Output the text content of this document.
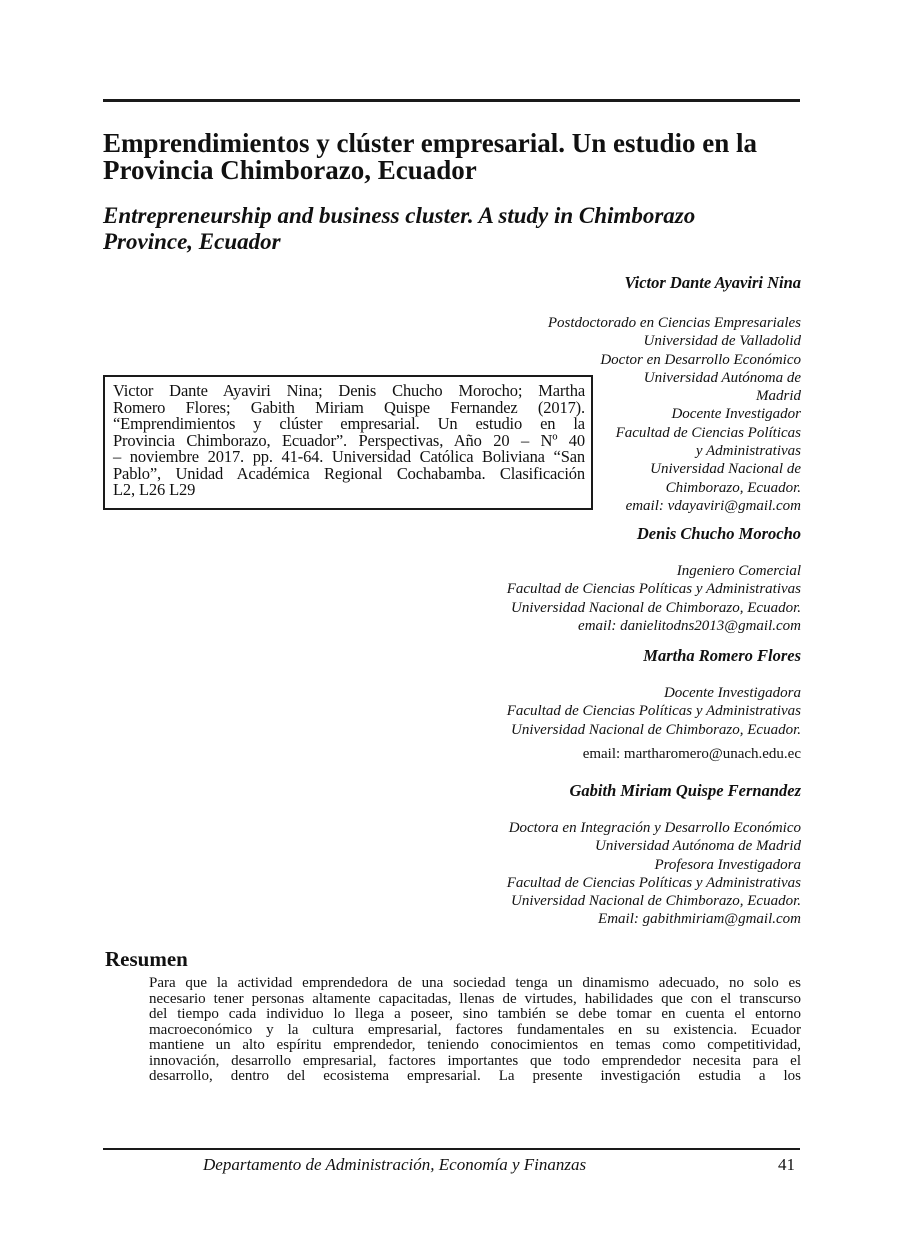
Emprendimientos y clúster empresarial. Un estudio en la Provincia Chimborazo, Ecuador
Entrepreneurship and business cluster. A study in Chimborazo
Province, Ecuador
Victor Dante Ayaviri Nina; Denis Chucho Morocho; Martha
Romero Flores; Gabith Miriam Quispe Fernandez (2017).
“Emprendimientos y clúster empresarial. Un estudio en la
Provincia Chimborazo, Ecuador”. Perspectivas, Año 20 – Nº 40
– noviembre 2017. pp. 41-64. Universidad Católica Boliviana “San
Pablo”, Unidad Académica Regional Cochabamba. Clasificación
L2, L26 L29
Victor Dante Ayaviri Nina
Postdoctorado en Ciencias Empresariales
Universidad de Valladolid
Doctor en Desarrollo Económico
Universidad Autónoma de
Madrid
Docente Investigador
Facultad de Ciencias Políticas
y Administrativas
Universidad Nacional de
Chimborazo, Ecuador.
email: vdayaviri@gmail.com
Denis Chucho Morocho
Ingeniero Comercial
Facultad de Ciencias Políticas y Administrativas
Universidad Nacional de Chimborazo, Ecuador.
email: danielitodns2013@gmail.com
Martha Romero Flores
Docente Investigadora
Facultad de Ciencias Políticas y Administrativas
Universidad Nacional de Chimborazo, Ecuador.
email: martharomero@unach.edu.ec
Gabith Miriam Quispe Fernandez
Doctora en Integración y Desarrollo Económico
Universidad Autónoma de Madrid
Profesora Investigadora
Facultad de Ciencias Políticas y Administrativas
Universidad Nacional de Chimborazo, Ecuador.
Email: gabithmiriam@gmail.com
Resumen

Para que la actividad emprendedora de una sociedad tenga un dinamismo adecuado, no solo es
necesario tener personas altamente capacitadas, llenas de virtudes, habilidades que con el transcurso
del tiempo cada individuo lo llega a poseer, sino también se debe tomar en cuenta el entorno
macroeconómico y la cultura empresarial, factores fundamentales en su existencia. Ecuador
mantiene un alto espíritu emprendedor, teniendo conocimientos en temas como competitividad,
innovación, desarrollo empresarial, factores importantes que todo emprendedor necesita para el
desarrollo, dentro del ecosistema empresarial. La presente investigación estudia a los

Departamento de Administración, Economía y Finanzas	41
